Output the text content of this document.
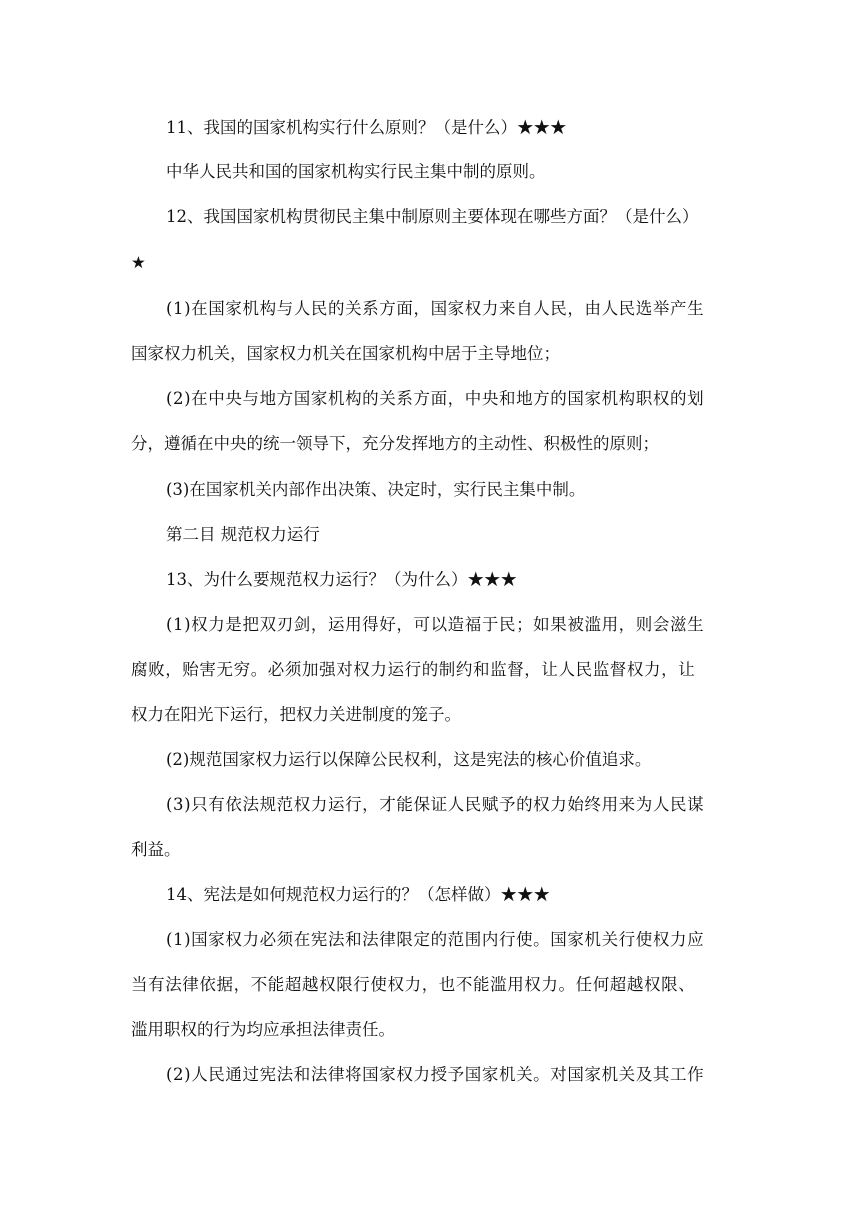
11、我国的国家机构实行什么原则？（是什么）★★★
中华人民共和国的国家机构实行民主集中制的原则。
12、我国国家机构贯彻民主集中制原则主要体现在哪些方面？（是什么）
★
(1)在国家机构与人民的关系方面，国家权力来自人民，由人民选举产生
国家权力机关，国家权力机关在国家机构中居于主导地位；
(2)在中央与地方国家机构的关系方面，中央和地方的国家机构职权的划
分，遵循在中央的统一领导下，充分发挥地方的主动性、积极性的原则；
(3)在国家机关内部作出决策、决定时，实行民主集中制。
第二目 规范权力运行
13、为什么要规范权力运行？（为什么）★★★
(1)权力是把双刃剑，运用得好，可以造福于民；如果被滥用，则会滋生
腐败，贻害无穷。必须加强对权力运行的制约和监督，让人民监督权力，让
权力在阳光下运行，把权力关进制度的笼子。
(2)规范国家权力运行以保障公民权利，这是宪法的核心价值追求。
(3)只有依法规范权力运行，才能保证人民赋予的权力始终用来为人民谋
利益。
14、宪法是如何规范权力运行的？（怎样做）★★★
(1)国家权力必须在宪法和法律限定的范围内行使。国家机关行使权力应
当有法律依据，不能超越权限行使权力，也不能滥用权力。任何超越权限、
滥用职权的行为均应承担法律责任。
(2)人民通过宪法和法律将国家权力授予国家机关。对国家机关及其工作
